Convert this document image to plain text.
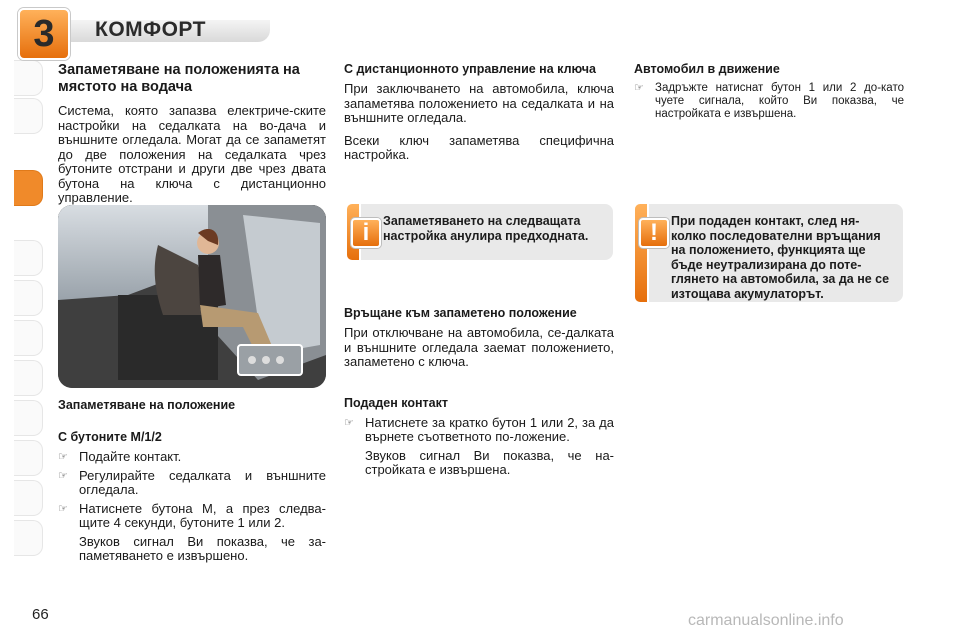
3	КОМФОРТ
Запаметяване на положенията на мястото на водача

Система, която запазва електриче-ските настройки на седалката на во-дача и външните огледала. Могат да се запаметят до две положения на седалката чрез бутоните отстрани и други две чрез двата бутона на ключа с дистанционно управление.

Запаметяване на положение
С бутоните M/1/2
☞ Подайте контакт.
☞ Регулирайте седалката и външните огледала.
☞ Натиснете бутона M, а през следва-щите 4 секунди, бутоните 1 или 2.

Звуков сигнал Ви показва, че за-паметяването е извършено.

С дистанционното управление на ключа

При заключването на автомобила, ключа запаметява положението на седалката и на външните огледала.

Всеки ключ запаметява специфична настройка.

i	Запаметяването на следващата настройка анулира предходната.
Връщане към запаметено положение

При отключване на автомобила, се-далката и външните огледала заемат положението, запаметено с ключа.

Подаден контакт
☞ Натиснете за кратко бутон 1 или 2, за да върнете съответното по-ложение.

Звуков сигнал Ви показва, че на-стройката е извършена.

Автомобил в движение
☞ Задръжте натиснат бутон 1 или 2 до-като чуете сигнала, който Ви показва, че настройката е извършена.
!	При подаден контакт, след ня-колко последователни връщания на положението, функцията ще бъде неутрализирана до поте-глянето на автомобила, за да не се изтощава акумулаторът.
66	carmanualsonline.info
